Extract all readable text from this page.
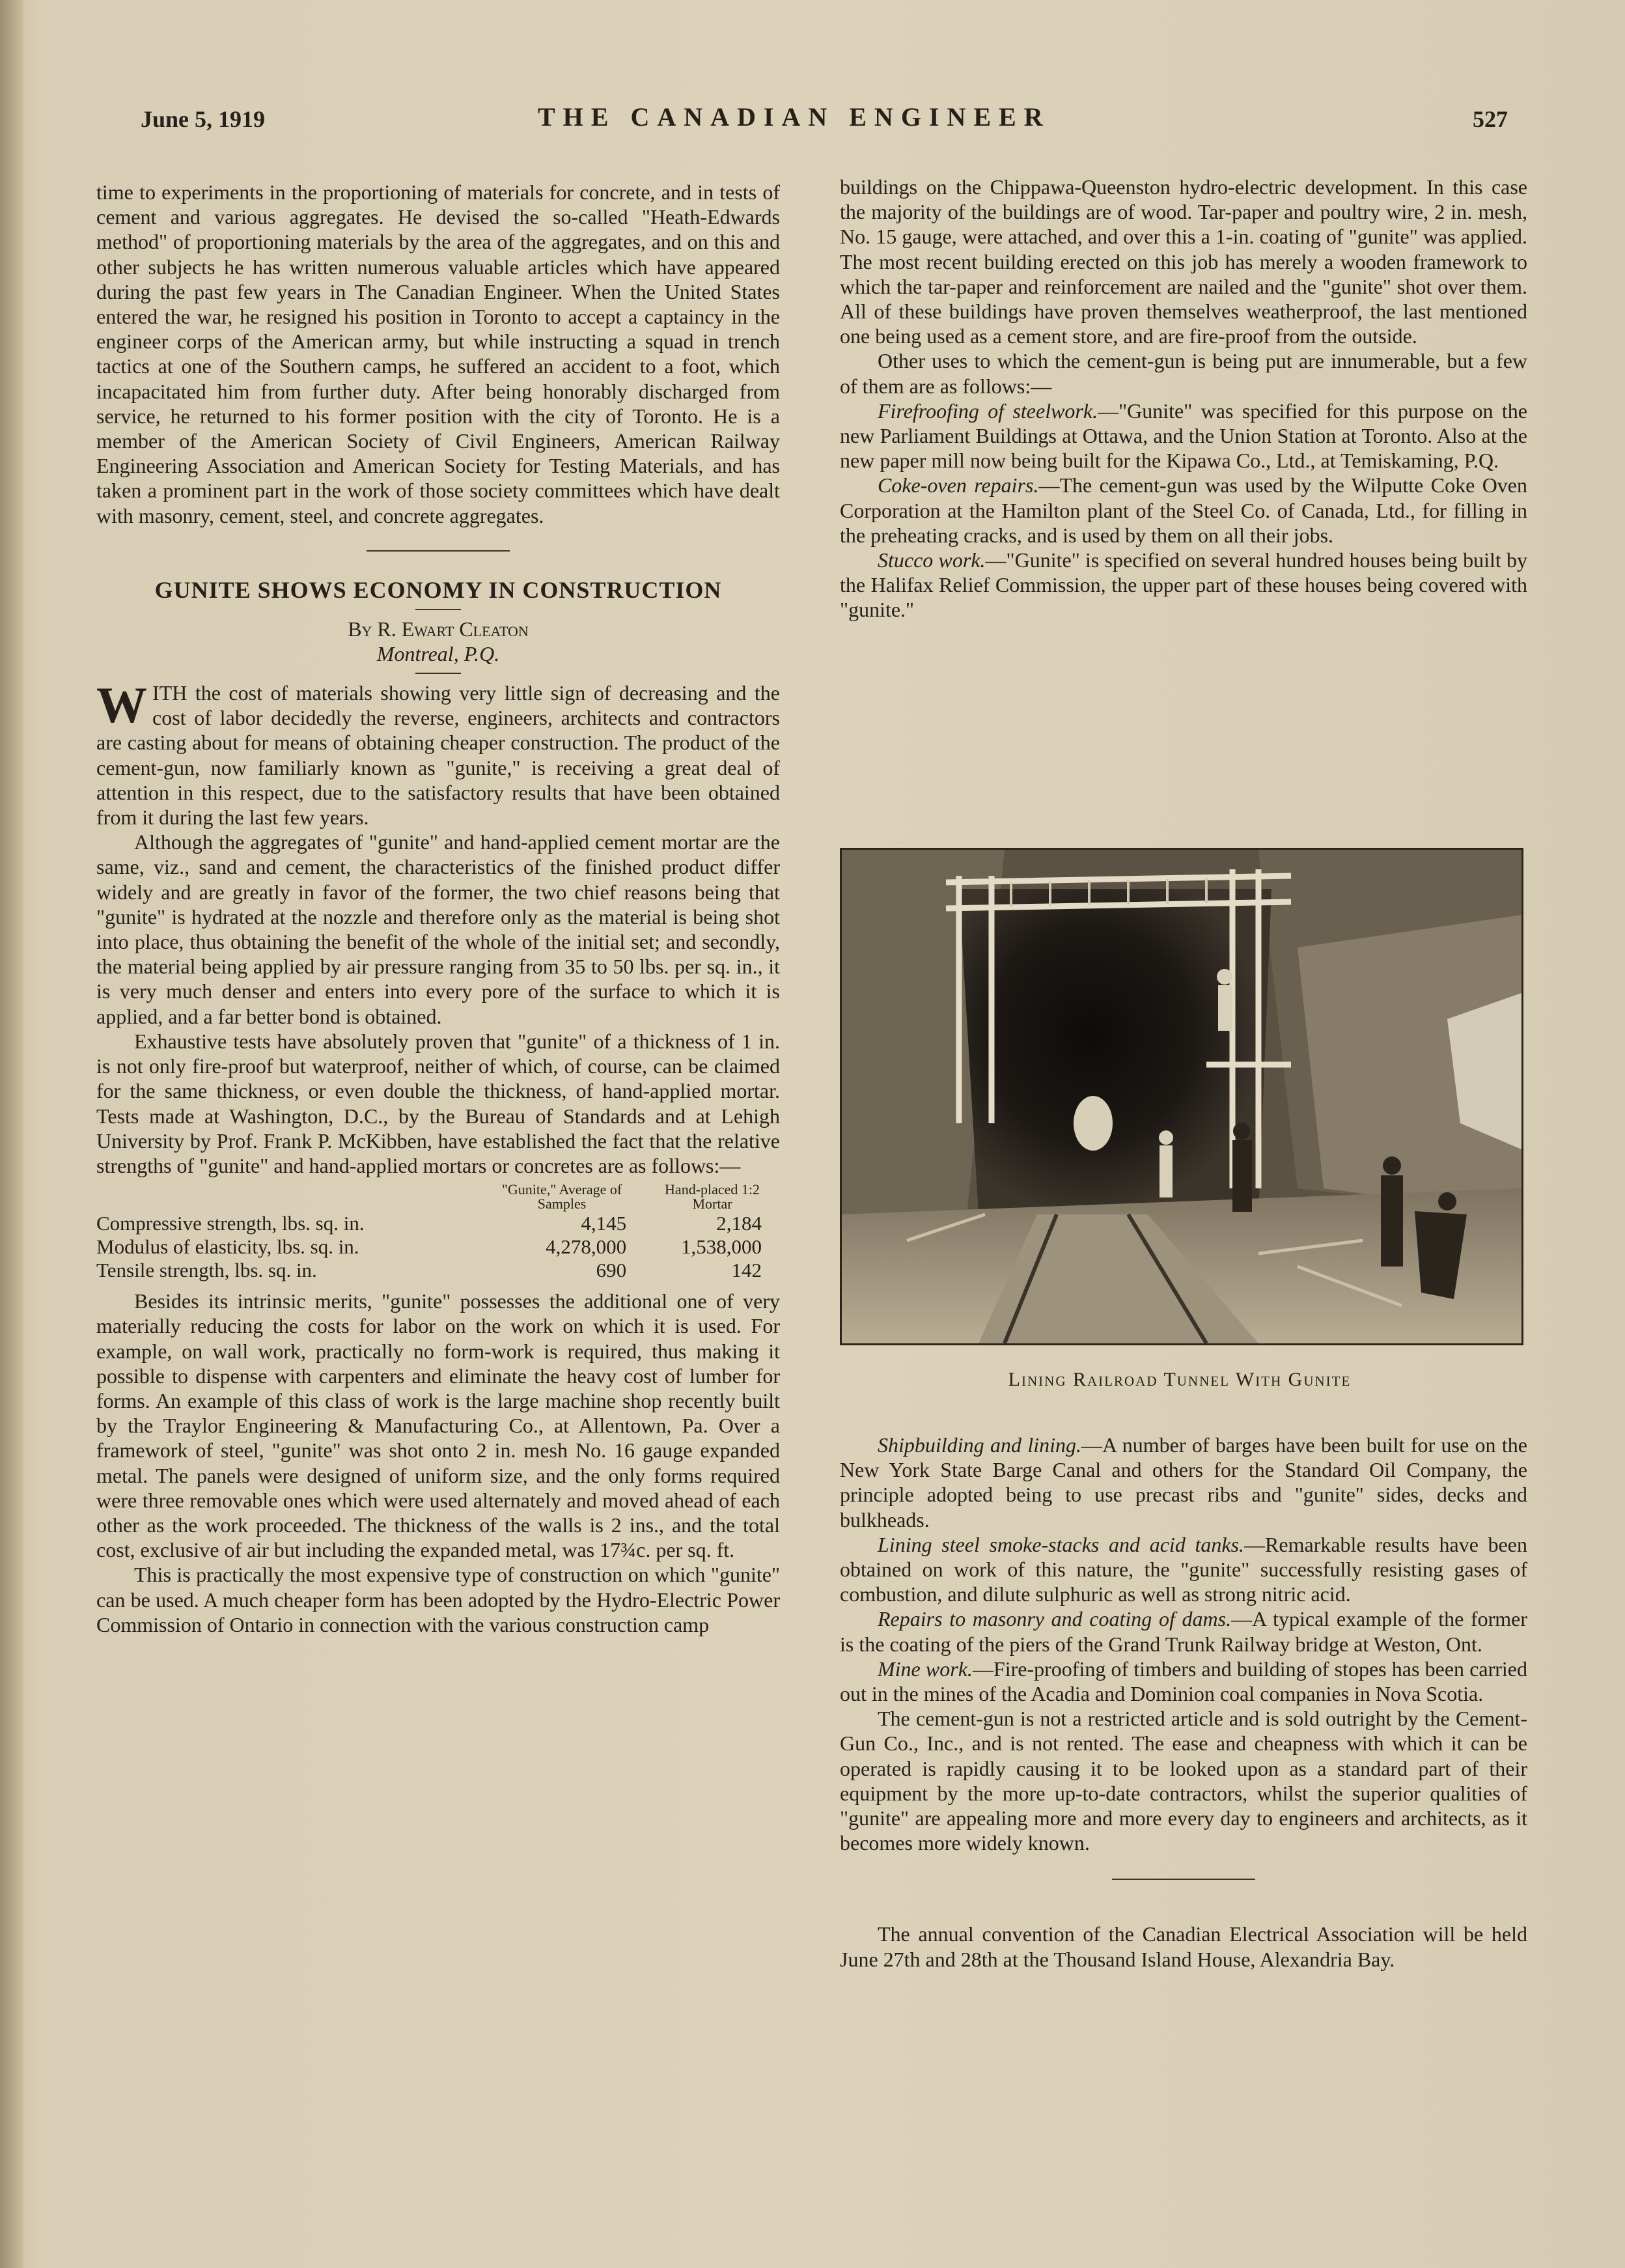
June 5, 1919	THE CANADIAN ENGINEER	527

time to experiments in the proportioning of materials for concrete, and in tests of cement and various aggregates. He devised the so-called "Heath-Edwards method" of proportioning materials by the area of the aggregates, and on this and other subjects he has written numerous valuable articles which have appeared during the past few years in The Canadian Engineer. When the United States entered the war, he resigned his position in Toronto to accept a captaincy in the engineer corps of the American army, but while instructing a squad in trench tactics at one of the Southern camps, he suffered an accident to a foot, which incapacitated him from further duty. After being honorably discharged from service, he returned to his former position with the city of Toronto. He is a member of the American Society of Civil Engineers, American Railway Engineering Association and American Society for Testing Materials, and has taken a prominent part in the work of those society committees which have dealt with masonry, cement, steel, and concrete aggregates.

GUNITE SHOWS ECONOMY IN CONSTRUCTION
By R. Ewart Cleaton
Montreal, P.Q.

WITH the cost of materials showing very little sign of decreasing and the cost of labor decidedly the reverse, engineers, architects and contractors are casting about for means of obtaining cheaper construction. The product of the cement-gun, now familiarly known as "gunite," is receiving a great deal of attention in this respect, due to the satisfactory results that have been obtained from it during the last few years.

Although the aggregates of "gunite" and hand-applied cement mortar are the same, viz., sand and cement, the characteristics of the finished product differ widely and are greatly in favor of the former, the two chief reasons being that "gunite" is hydrated at the nozzle and therefore only as the material is being shot into place, thus obtaining the benefit of the whole of the initial set; and secondly, the material being applied by air pressure ranging from 35 to 50 lbs. per sq. in., it is very much denser and enters into every pore of the surface to which it is applied, and a far better bond is obtained.

Exhaustive tests have absolutely proven that "gunite" of a thickness of 1 in. is not only fire-proof but waterproof, neither of which, of course, can be claimed for the same thickness, or even double the thickness, of hand-applied mortar. Tests made at Washington, D.C., by the Bureau of Standards and at Lehigh University by Prof. Frank P. McKibben, have established the fact that the relative strengths of "gunite" and hand-applied mortars or concretes are as follows:—

	"Gunite," Average of Samples	Hand-placed 1:2 Mortar
Compressive strength, lbs. sq. in.	4,145	2,184
Modulus of elasticity, lbs. sq. in.	4,278,000	1,538,000
Tensile strength, lbs. sq. in.	690	142

Besides its intrinsic merits, "gunite" possesses the additional one of very materially reducing the costs for labor on the work on which it is used. For example, on wall work, practically no form-work is required, thus making it possible to dispense with carpenters and eliminate the heavy cost of lumber for forms. An example of this class of work is the large machine shop recently built by the Traylor Engineering & Manufacturing Co., at Allentown, Pa. Over a framework of steel, "gunite" was shot onto 2 in. mesh No. 16 gauge expanded metal. The panels were designed of uniform size, and the only forms required were three removable ones which were used alternately and moved ahead of each other as the work proceeded. The thickness of the walls is 2 ins., and the total cost, exclusive of air but including the expanded metal, was 17¾c. per sq. ft.

This is practically the most expensive type of construction on which "gunite" can be used. A much cheaper form has been adopted by the Hydro-Electric Power Commission of Ontario in connection with the various construction camp

buildings on the Chippawa-Queenston hydro-electric development. In this case the majority of the buildings are of wood. Tar-paper and poultry wire, 2 in. mesh, No. 15 gauge, were attached, and over this a 1-in. coating of "gunite" was applied. The most recent building erected on this job has merely a wooden framework to which the tar-paper and reinforcement are nailed and the "gunite" shot over them. All of these buildings have proven themselves weatherproof, the last mentioned one being used as a cement store, and are fire-proof from the outside.

Other uses to which the cement-gun is being put are innumerable, but a few of them are as follows:—

Firefroofing of steelwork.—"Gunite" was specified for this purpose on the new Parliament Buildings at Ottawa, and the Union Station at Toronto. Also at the new paper mill now being built for the Kipawa Co., Ltd., at Temiskaming, P.Q.

Coke-oven repairs.—The cement-gun was used by the Wilputte Coke Oven Corporation at the Hamilton plant of the Steel Co. of Canada, Ltd., for filling in the preheating cracks, and is used by them on all their jobs.

Stucco work.—"Gunite" is specified on several hundred houses being built by the Halifax Relief Commission, the upper part of these houses being covered with "gunite."

Lining Railroad Tunnel With Gunite

Shipbuilding and lining.—A number of barges have been built for use on the New York State Barge Canal and others for the Standard Oil Company, the principle adopted being to use precast ribs and "gunite" sides, decks and bulkheads.

Lining steel smoke-stacks and acid tanks.—Remarkable results have been obtained on work of this nature, the "gunite" successfully resisting gases of combustion, and dilute sulphuric as well as strong nitric acid.

Repairs to masonry and coating of dams.—A typical example of the former is the coating of the piers of the Grand Trunk Railway bridge at Weston, Ont.

Mine work.—Fire-proofing of timbers and building of stopes has been carried out in the mines of the Acadia and Dominion coal companies in Nova Scotia.

The cement-gun is not a restricted article and is sold outright by the Cement-Gun Co., Inc., and is not rented. The ease and cheapness with which it can be operated is rapidly causing it to be looked upon as a standard part of their equipment by the more up-to-date contractors, whilst the superior qualities of "gunite" are appealing more and more every day to engineers and architects, as it becomes more widely known.

The annual convention of the Canadian Electrical Association will be held June 27th and 28th at the Thousand Island House, Alexandria Bay.
